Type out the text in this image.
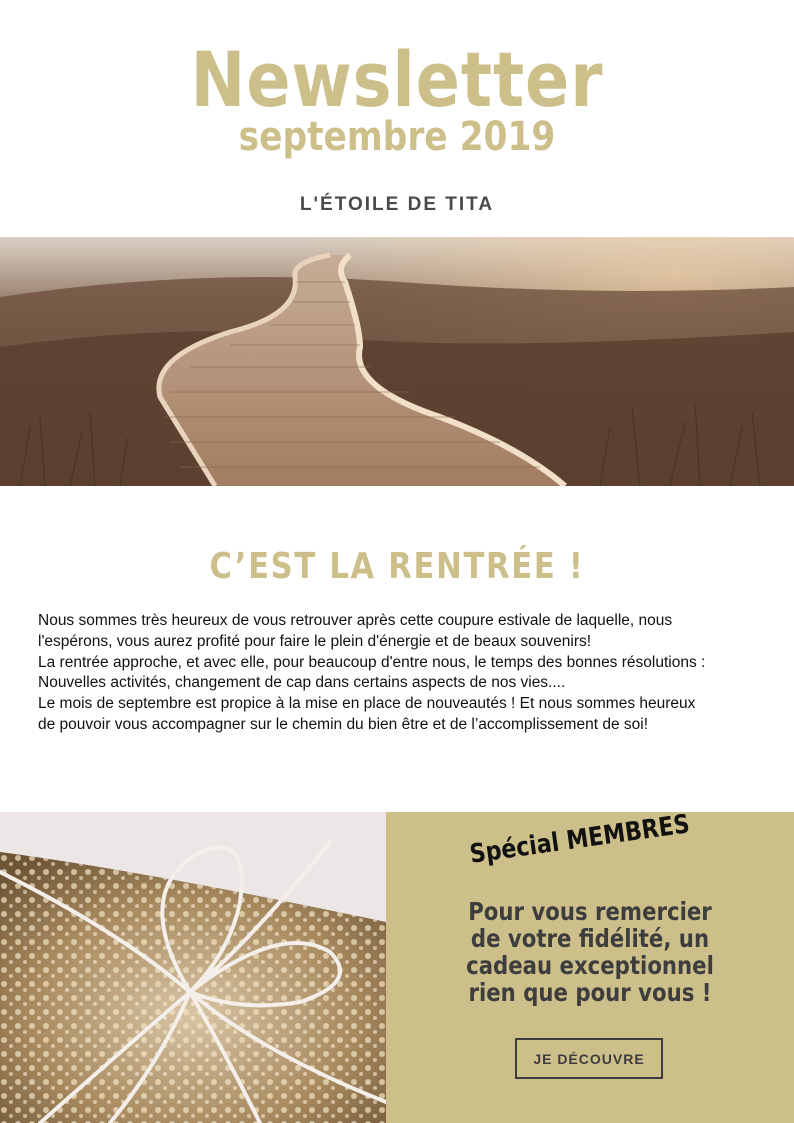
Newsletter
septembre 2019
L'ÉTOILE DE TITA
C’EST LA RENTRÉE !

Nous sommes très heureux de vous retrouver après cette coupure estivale de laquelle, nous

l'espérons, vous aurez profité pour faire le plein d'énergie et de beaux souvenirs!

La rentrée approche, et avec elle, pour beaucoup d'entre nous, le temps des bonnes résolutions :

Nouvelles activités, changement de cap dans certains aspects de nos vies....

Le mois de septembre est propice à la mise en place de nouveautés ! Et nous sommes heureux

de pouvoir vous accompagner sur le chemin du bien être et de l’accomplissement de soi!

Spécial MEMBRES
Pour vous remercier de votre fidélité, un cadeau exceptionnel rien que pour vous !
JE DÉCOUVRE
